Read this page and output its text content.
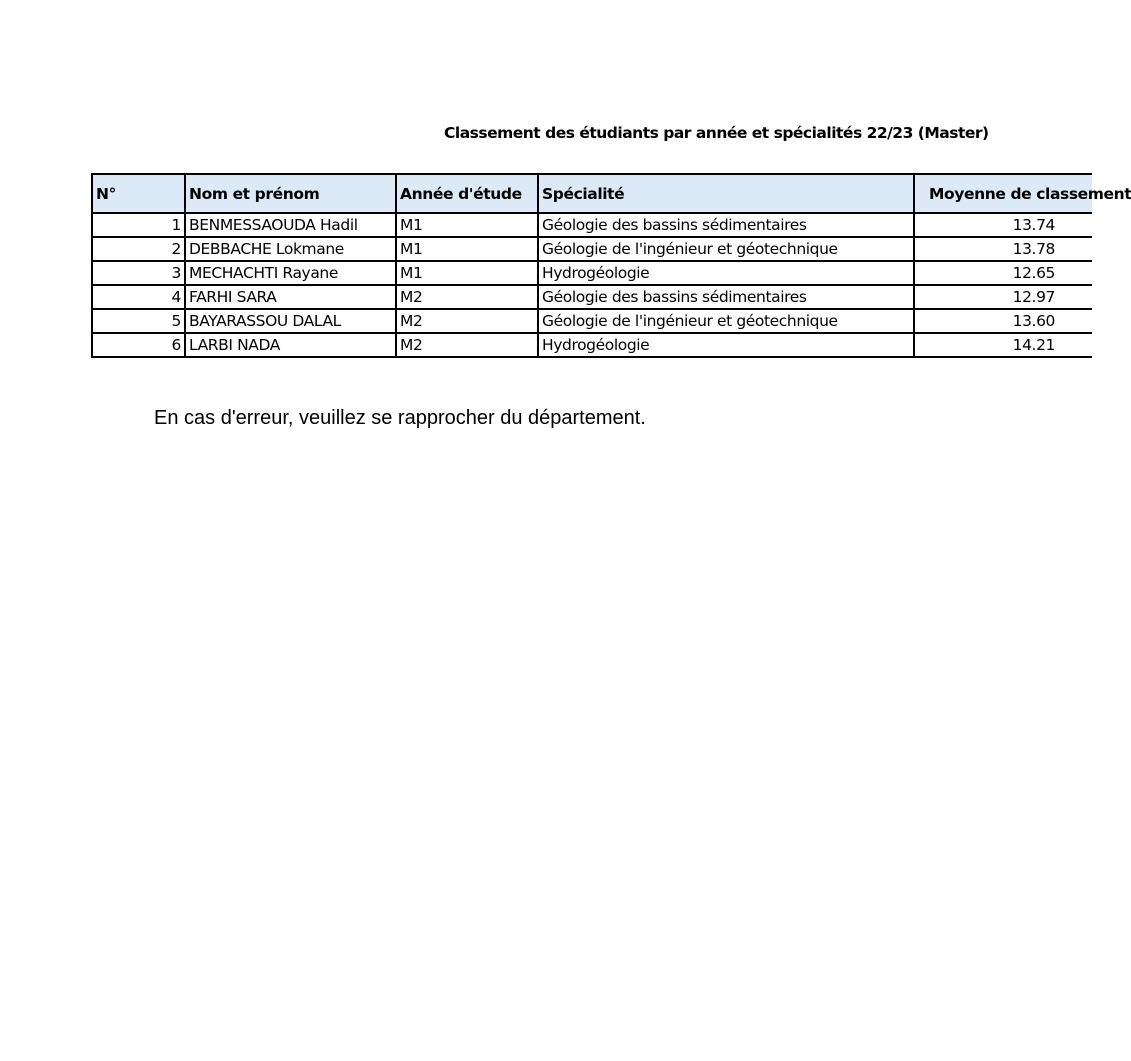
Classement des étudiants par année et spécialités 22/23 (Master)
N°	Nom et prénom	Année d'étude	Spécialité	Moyenne de classement
1	BENMESSAOUDA Hadil	M1	Géologie des bassins sédimentaires	13.74
2	DEBBACHE Lokmane	M1	Géologie de l'ingénieur et géotechnique	13.78
3	MECHACHTI Rayane	M1	Hydrogéologie	12.65
4	FARHI SARA	M2	Géologie des bassins sédimentaires	12.97
5	BAYARASSOU DALAL	M2	Géologie de l'ingénieur et géotechnique	13.60
6	LARBI NADA	M2	Hydrogéologie	14.21
En cas d'erreur, veuillez se rapprocher du département.
